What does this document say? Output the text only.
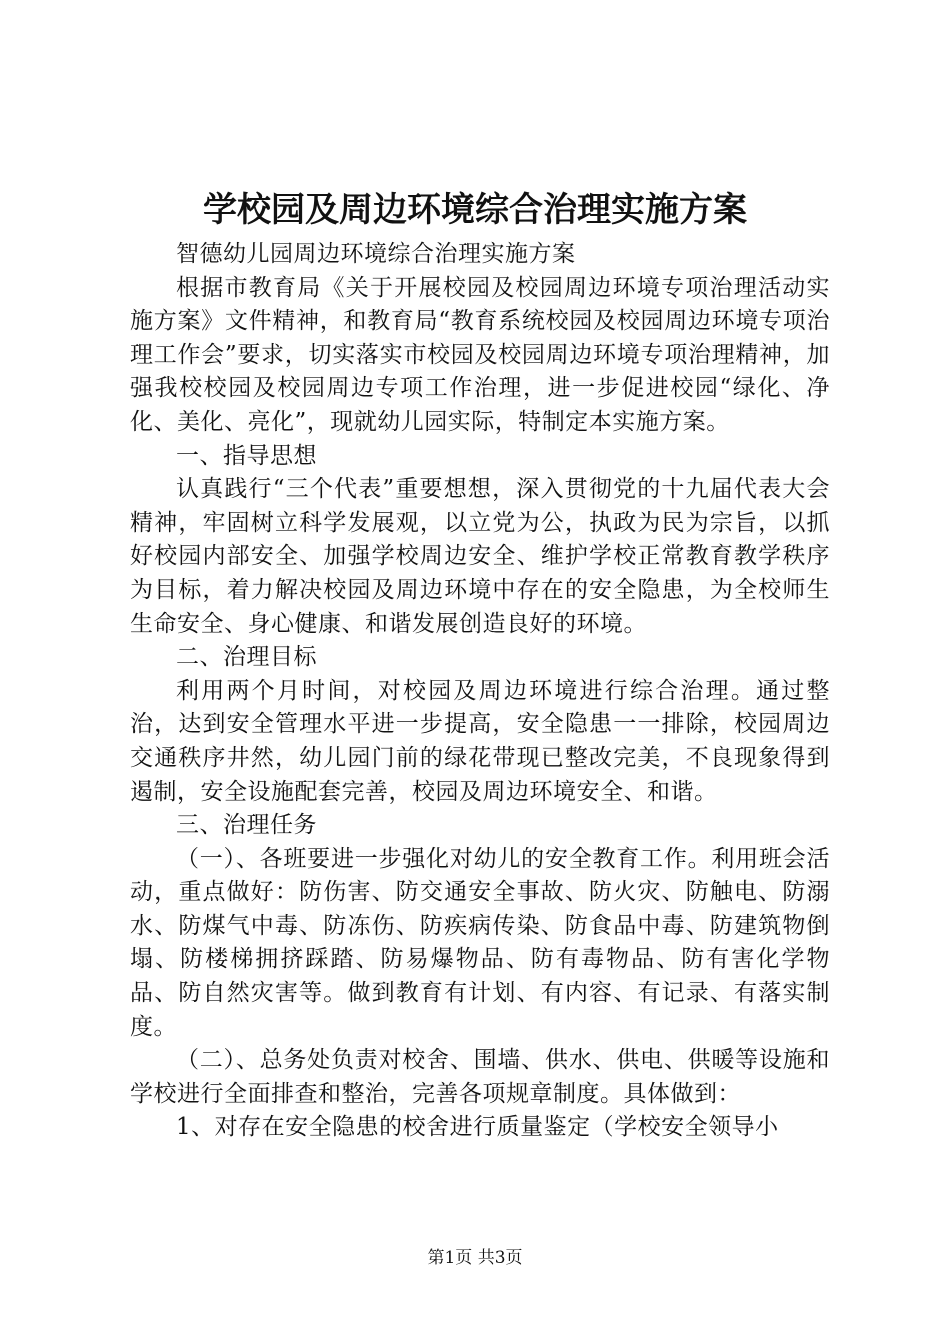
学校园及周边环境综合治理实施方案

智德幼儿园周边环境综合治理实施方案

根据市教育局《关于开展校园及校园周边环境专项治理活动实施方案》文件精神，和教育局“教育系统校园及校园周边环境专项治理工作会”要求，切实落实市校园及校园周边环境专项治理精神，加强我校校园及校园周边专项工作治理，进一步促进校园“绿化、净化、美化、亮化”，现就幼儿园实际，特制定本实施方案。

一、指导思想

认真践行“三个代表”重要想想，深入贯彻党的十九届代表大会精神，牢固树立科学发展观，以立党为公，执政为民为宗旨，以抓好校园内部安全、加强学校周边安全、维护学校正常教育教学秩序为目标，着力解决校园及周边环境中存在的安全隐患，为全校师生生命安全、身心健康、和谐发展创造良好的环境。

二、治理目标

利用两个月时间，对校园及周边环境进行综合治理。通过整治，达到安全管理水平进一步提高，安全隐患一一排除，校园周边交通秩序井然，幼儿园门前的绿花带现已整改完美，不良现象得到遏制，安全设施配套完善，校园及周边环境安全、和谐。

三、治理任务

（一）、各班要进一步强化对幼儿的安全教育工作。利用班会活动，重点做好：防伤害、防交通安全事故、防火灾、防触电、防溺水、防煤气中毒、防冻伤、防疾病传染、防食品中毒、防建筑物倒塌、防楼梯拥挤踩踏、防易爆物品、防有毒物品、防有害化学物品、防自然灾害等。做到教育有计划、有内容、有记录、有落实制度。

（二）、总务处负责对校舍、围墙、供水、供电、供暖等设施和学校进行全面排查和整治，完善各项规章制度。具体做到：

1、对存在安全隐患的校舍进行质量鉴定（学校安全领导小

第1页 共3页
